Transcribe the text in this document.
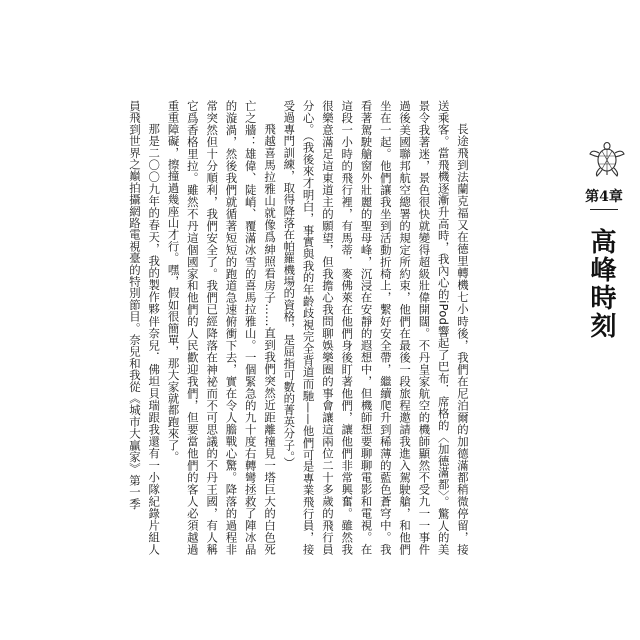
長途飛到法蘭克福又在德里轉機七小時後，我們在尼泊爾的加德滿都稍微停留，接送乘客。當飛機逐漸升高時，我內心的iPod響起了巴布．席格的〈加德滿都〉。驚人的美景令我著迷，景色很快就變得超級壯偉開闊。不丹皇家航空的機師顯然不受九一一事件過後美國聯邦航空總署的規定所約束，他們在最後一段旅程邀請我進入駕駛艙，和他們坐在一起。他們讓我坐到活動折椅上，繫好安全帶，繼續爬升到稀薄的藍色蒼穹中。我看著駕駛艙窗外壯麗的聖母峰，沉浸在安靜的遐想中，但機師想要聊聊電影和電視。在這段一小時的飛行裡，有馬蒂．麥佛萊在他們身後盯著他們，讓他們非常興奮。雖然我很樂意滿足這東道主的願望，但我擔心我問聊娛樂圈的事會讓這兩位二十多歲的飛行員分心。（我後來才明白，事實與我的年齡歧視完全背道而馳——他們可是專業飛行員，接受過專門訓練，取得降落在帕羅機場的資格，是屈指可數的菁英分子。）

飛越喜馬拉雅山就像爲紳照看房子……直到我們突然近距離撞見一塔巨大的白色死亡之牆：雄偉、陡峭、覆滿冰雪的喜馬拉雅山。一個緊急的九十度右轉彎拯救了陣冰晶的漩渦，然後我們就循著短短的跑道急速俯衝下去，實在令人膽戰心驚。降落的過程非常突然但十分順利，我們安全了。我們已經降落在神祕而不可思議的不丹王國，有人稱它爲香格里拉。雖然不丹這個國家和他們的人民歡迎我們，但要當他們的客人必須越過重重障礙，擦撞過幾座山才行。嘿，假如很簡單，那大家就都跑來了。

那是二〇〇九年的春天，我的製作夥伴奈兒．佛坦貝瑞跟我還有一小隊紀錄片組人員飛到世界之巔拍攝網路電視臺的特別節目。奈兒和我從《城市大贏家》第一季	第4章
高峰時刻
